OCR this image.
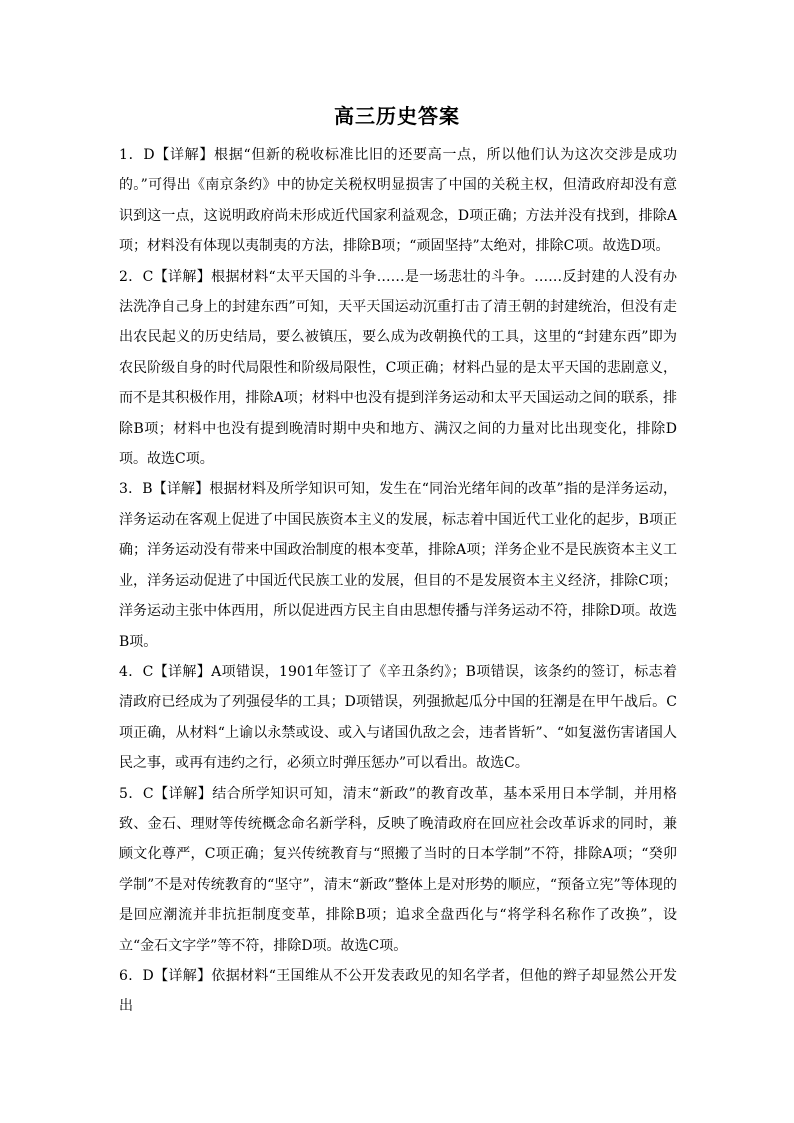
高三历史答案

1．D【详解】根据“但新的税收标准比旧的还要高一点，所以他们认为这次交涉是成功的。”可得出《南京条约》中的协定关税权明显损害了中国的关税主权，但清政府却没有意识到这一点，这说明政府尚未形成近代国家利益观念，D项正确；方法并没有找到，排除A项；材料没有体现以夷制夷的方法，排除B项；“顽固坚持”太绝对，排除C项。故选D项。

2．C【详解】根据材料“太平天国的斗争……是一场悲壮的斗争。……反封建的人没有办法洗净自己身上的封建东西”可知，天平天国运动沉重打击了清王朝的封建统治，但没有走出农民起义的历史结局，要么被镇压，要么成为改朝换代的工具，这里的“封建东西”即为农民阶级自身的时代局限性和阶级局限性，C项正确；材料凸显的是太平天国的悲剧意义，而不是其积极作用，排除A项；材料中也没有提到洋务运动和太平天国运动之间的联系，排除B项；材料中也没有提到晚清时期中央和地方、满汉之间的力量对比出现变化，排除D项。故选C项。

3．B【详解】根据材料及所学知识可知，发生在“同治光绪年间的改革”指的是洋务运动，洋务运动在客观上促进了中国民族资本主义的发展，标志着中国近代工业化的起步，B项正确；洋务运动没有带来中国政治制度的根本变革，排除A项；洋务企业不是民族资本主义工业，洋务运动促进了中国近代民族工业的发展，但目的不是发展资本主义经济，排除C项；洋务运动主张中体西用，所以促进西方民主自由思想传播与洋务运动不符，排除D项。故选B项。

4．C【详解】A项错误，1901年签订了《辛丑条约》；B项错误，该条约的签订，标志着清政府已经成为了列强侵华的工具；D项错误，列强掀起瓜分中国的狂潮是在甲午战后。C项正确，从材料“上谕以永禁或设、或入与诸国仇敌之会，违者皆斩”、“如复滋伤害诸国人民之事，或再有违约之行，必须立时弹压惩办”可以看出。故选C。

5．C【详解】结合所学知识可知，清末“新政”的教育改革，基本采用日本学制，并用格致、金石、理财等传统概念命名新学科，反映了晚清政府在回应社会改革诉求的同时，兼顾文化尊严，C项正确；复兴传统教育与“照搬了当时的日本学制”不符，排除A项；“癸卯学制”不是对传统教育的“坚守”，清末“新政”整体上是对形势的顺应，“预备立宪”等体现的是回应潮流并非抗拒制度变革，排除B项；追求全盘西化与“将学科名称作了改换”，设立“金石文字学”等不符，排除D项。故选C项。

6．D【详解】依据材料“王国维从不公开发表政见的知名学者，但他的辫子却显然公开发出
